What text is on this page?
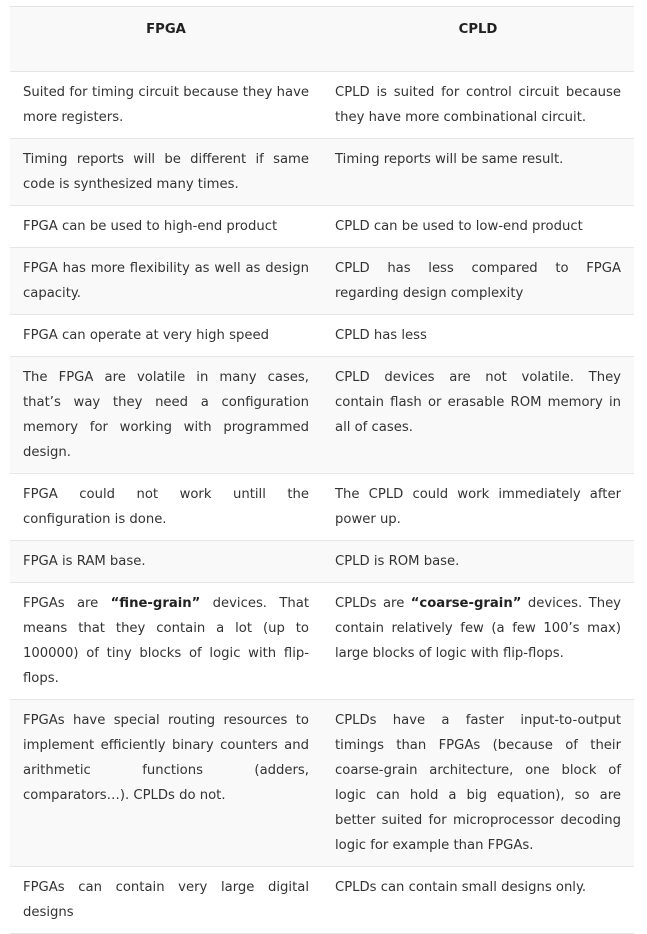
FPGA	CPLD
Suited for timing circuit because they have more registers.	CPLD is suited for control circuit because they have more combinational circuit.
Timing reports will be different if same code is synthesized many times.	Timing reports will be same result.
FPGA can be used to high-end product	CPLD can be used to low-end product
FPGA has more flexibility as well as design capacity.	CPLD has less compared to FPGA regarding design complexity
FPGA can operate at very high speed	CPLD has less
The FPGA are volatile in many cases, that’s way they need a configuration memory for working with programmed design.	CPLD devices are not volatile. They contain flash or erasable ROM memory in all of cases.
FPGA could not work untill the configuration is done.	The CPLD could work immediately after power up.
FPGA is RAM base.	CPLD is ROM base.
FPGAs are “fine-grain” devices. That means that they contain a lot (up to 100000) of tiny blocks of logic with flip-flops.	CPLDs are “coarse-grain” devices. They contain relatively few (a few 100’s max) large blocks of logic with flip-flops.
FPGAs have special routing resources to implement efficiently binary counters and arithmetic functions (adders, comparators…). CPLDs do not.	CPLDs have a faster input-to-output timings than FPGAs (because of their coarse-grain architecture, one block of logic can hold a big equation), so are better suited for microprocessor decoding logic for example than FPGAs.
FPGAs can contain very large digital designs	CPLDs can contain small designs only.
